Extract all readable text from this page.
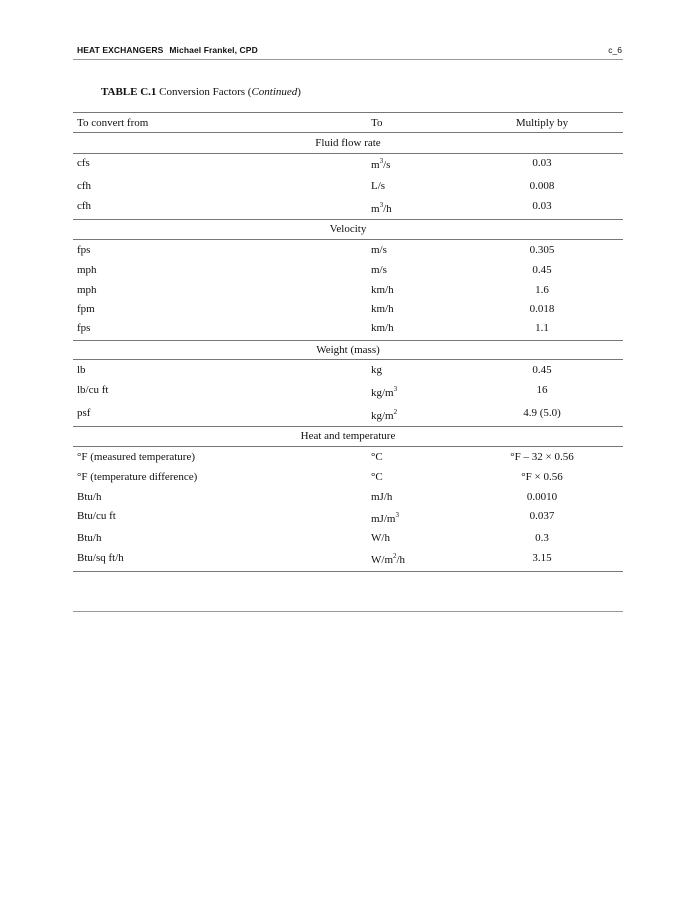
HEAT EXCHANGERS Michael Frankel, CPD	c_6
TABLE C.1 Conversion Factors (Continued)
To convert from	To	Multiply by
Fluid flow rate
cfs	$m^3/s$	0.03
cfh	L/s	0.008
cfh	$m^3/h$	0.03
Velocity
fps	m/s	0.305
mph	m/s	0.45
mph	km/h	1.6
fpm	km/h	0.018
fps	km/h	1.1
Weight (mass)
lb	kg	0.45
lb/cu ft	$kg/m^3$	16
psf	$kg/m^2$	4.9 (5.0)
Heat and temperature
°F (measured temperature)	°C	°F – 32 × 0.56
°F (temperature difference)	°C	°F × 0.56
Btu/h	mJ/h	0.0010
Btu/cu ft	$mJ/m^3$	0.037
Btu/h	W/h	0.3
Btu/sq ft/h	$W/m^2/h$	3.15
